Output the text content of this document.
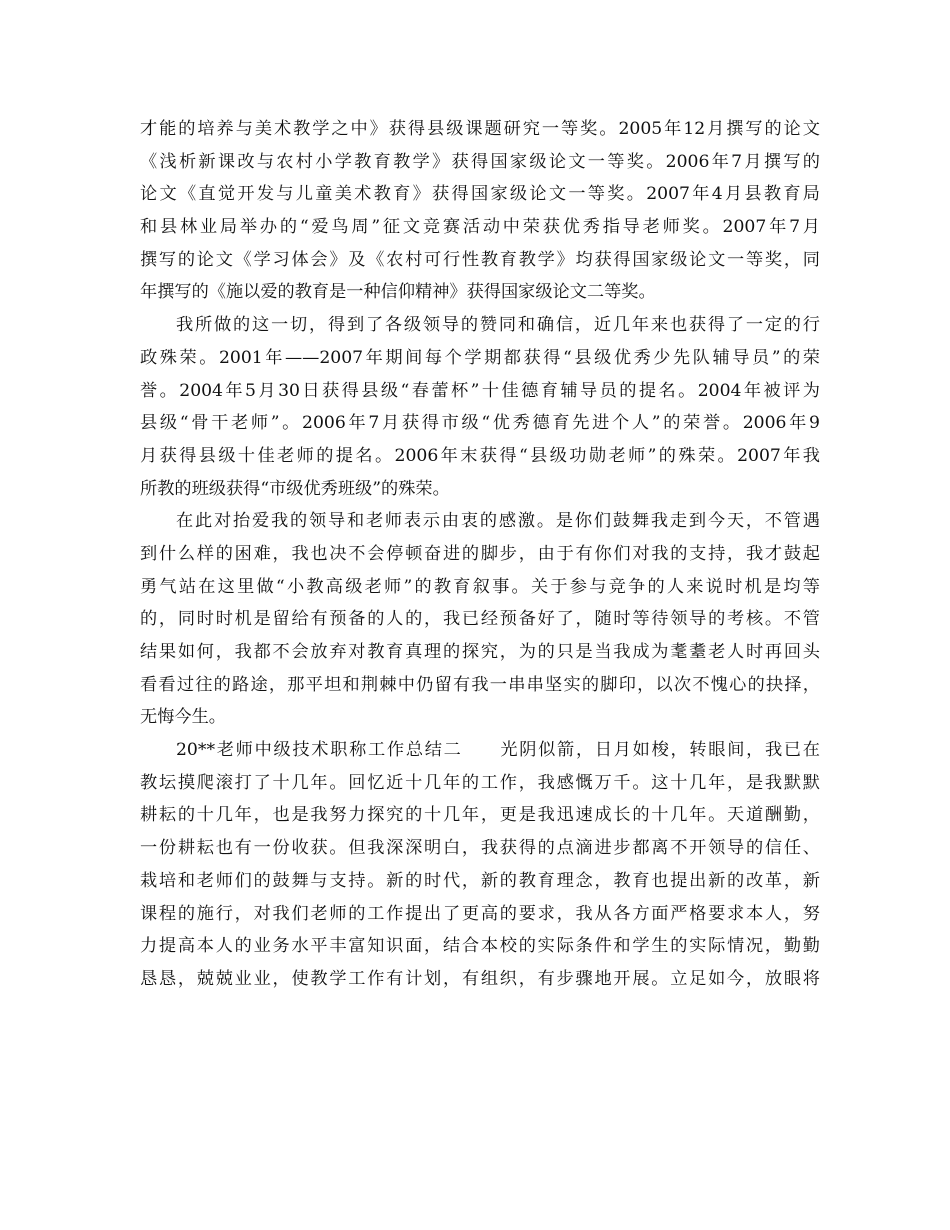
才能的培养与美术教学之中》获得县级课题研究一等奖。2005年12月撰写的论文
《浅析新课改与农村小学教育教学》获得国家级论文一等奖。2006年7月撰写的
论文《直觉开发与儿童美术教育》获得国家级论文一等奖。2007年4月县教育局
和县林业局举办的“爱鸟周”征文竞赛活动中荣获优秀指导老师奖。2007年7月
撰写的论文《学习体会》及《农村可行性教育教学》均获得国家级论文一等奖，同
年撰写的《施以爱的教育是一种信仰精神》获得国家级论文二等奖。
我所做的这一切，得到了各级领导的赞同和确信，近几年来也获得了一定的行
政殊荣。2001年——2007年期间每个学期都获得“县级优秀少先队辅导员”的荣
誉。2004年5月30日获得县级“春蕾杯”十佳德育辅导员的提名。2004年被评为
县级“骨干老师”。2006年7月获得市级“优秀德育先进个人”的荣誉。2006年9
月获得县级十佳老师的提名。2006年末获得“县级功勋老师”的殊荣。2007年我
所教的班级获得“市级优秀班级”的殊荣。
在此对抬爱我的领导和老师表示由衷的感激。是你们鼓舞我走到今天，不管遇
到什么样的困难，我也决不会停顿奋进的脚步，由于有你们对我的支持，我才鼓起
勇气站在这里做“小教高级老师”的教育叙事。关于参与竞争的人来说时机是均等
的，同时时机是留给有预备的人的，我已经预备好了，随时等待领导的考核。不管
结果如何，我都不会放弃对教育真理的探究，为的只是当我成为耄耋老人时再回头
看看过往的路途，那平坦和荆棘中仍留有我一串串坚实的脚印，以次不愧心的抉择，
无悔今生。
20**老师中级技术职称工作总结二　　光阴似箭，日月如梭，转眼间，我已在
教坛摸爬滚打了十几年。回忆近十几年的工作，我感慨万千。这十几年，是我默默
耕耘的十几年，也是我努力探究的十几年，更是我迅速成长的十几年。天道酬勤，
一份耕耘也有一份收获。但我深深明白，我获得的点滴进步都离不开领导的信任、
栽培和老师们的鼓舞与支持。新的时代，新的教育理念，教育也提出新的改革，新
课程的施行，对我们老师的工作提出了更高的要求，我从各方面严格要求本人，努
力提高本人的业务水平丰富知识面，结合本校的实际条件和学生的实际情况，勤勤
恳恳，兢兢业业，使教学工作有计划，有组织，有步骤地开展。立足如今，放眼将
